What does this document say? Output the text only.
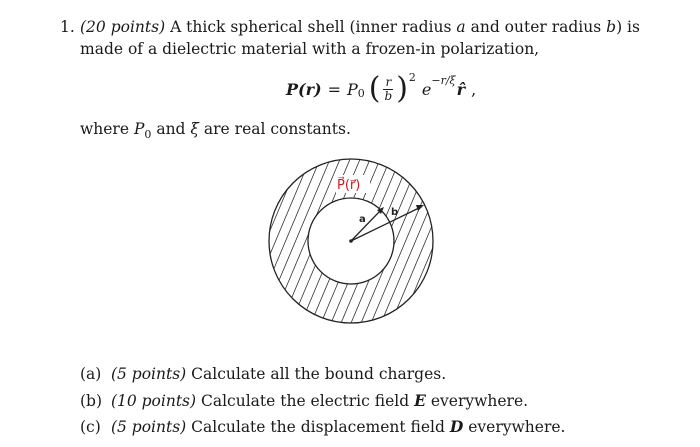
1. (20 points) A thick spherical shell (inner radius a and outer radius b) is made of a dielectric material with a frozen-in polarization,
P (r) = P 0 ( $\frac{r}{b}$ ) 2
e −r/ξ r̂ ,
where $P_0$ and ξ are real constants.
P⃗(r⃗)
a
b
(a) (5 points) Calculate all the bound charges.
(b) (10 points) Calculate the electric field E everywhere.
(c) (5 points) Calculate the displacement field D everywhere.
